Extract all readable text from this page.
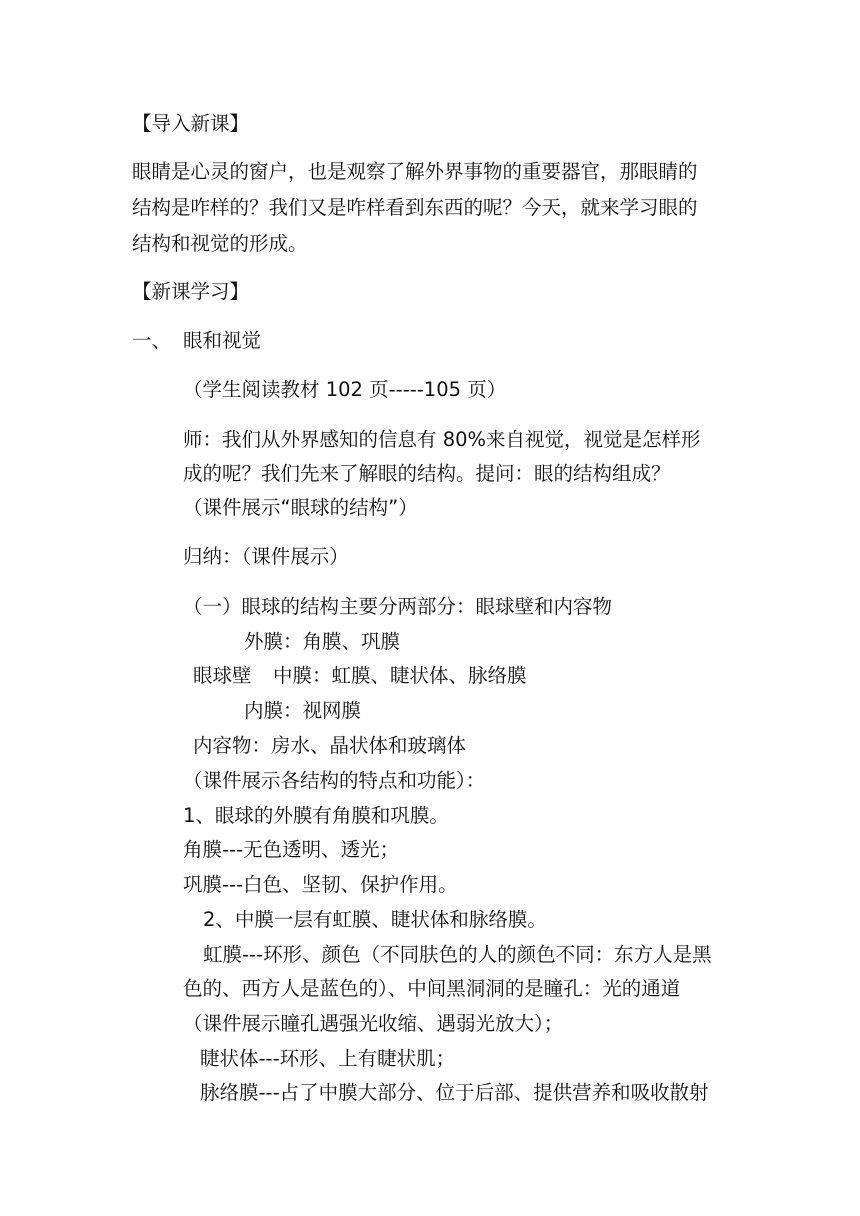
【导入新课】

眼睛是心灵的窗户，也是观察了解外界事物的重要器官，那眼睛的

结构是咋样的？我们又是咋样看到东西的呢？今天，就来学习眼的

结构和视觉的形成。

【新课学习】

一、 眼和视觉

（学生阅读教材 102 页-----105 页）

师：我们从外界感知的信息有 80%来自视觉，视觉是怎样形

成的呢？我们先来了解眼的结构。提问：眼的结构组成？

（课件展示“眼球的结构”）

归纳：（课件展示）

（一）眼球的结构主要分两部分：眼球壁和内容物

外膜：角膜、巩膜

眼球壁 中膜：虹膜、睫状体、脉络膜

内膜：视网膜

内容物：房水、晶状体和玻璃体

（课件展示各结构的特点和功能）：

1、眼球的外膜有角膜和巩膜。

角膜---无色透明、透光；

巩膜---白色、坚韧、保护作用。

2、中膜一层有虹膜、睫状体和脉络膜。

虹膜---环形、颜色（不同肤色的人的颜色不同：东方人是黑

色的、西方人是蓝色的）、中间黑洞洞的是瞳孔：光的通道

（课件展示瞳孔遇强光收缩、遇弱光放大）；

睫状体---环形、上有睫状肌；

脉络膜---占了中膜大部分、位于后部、提供营养和吸收散射
